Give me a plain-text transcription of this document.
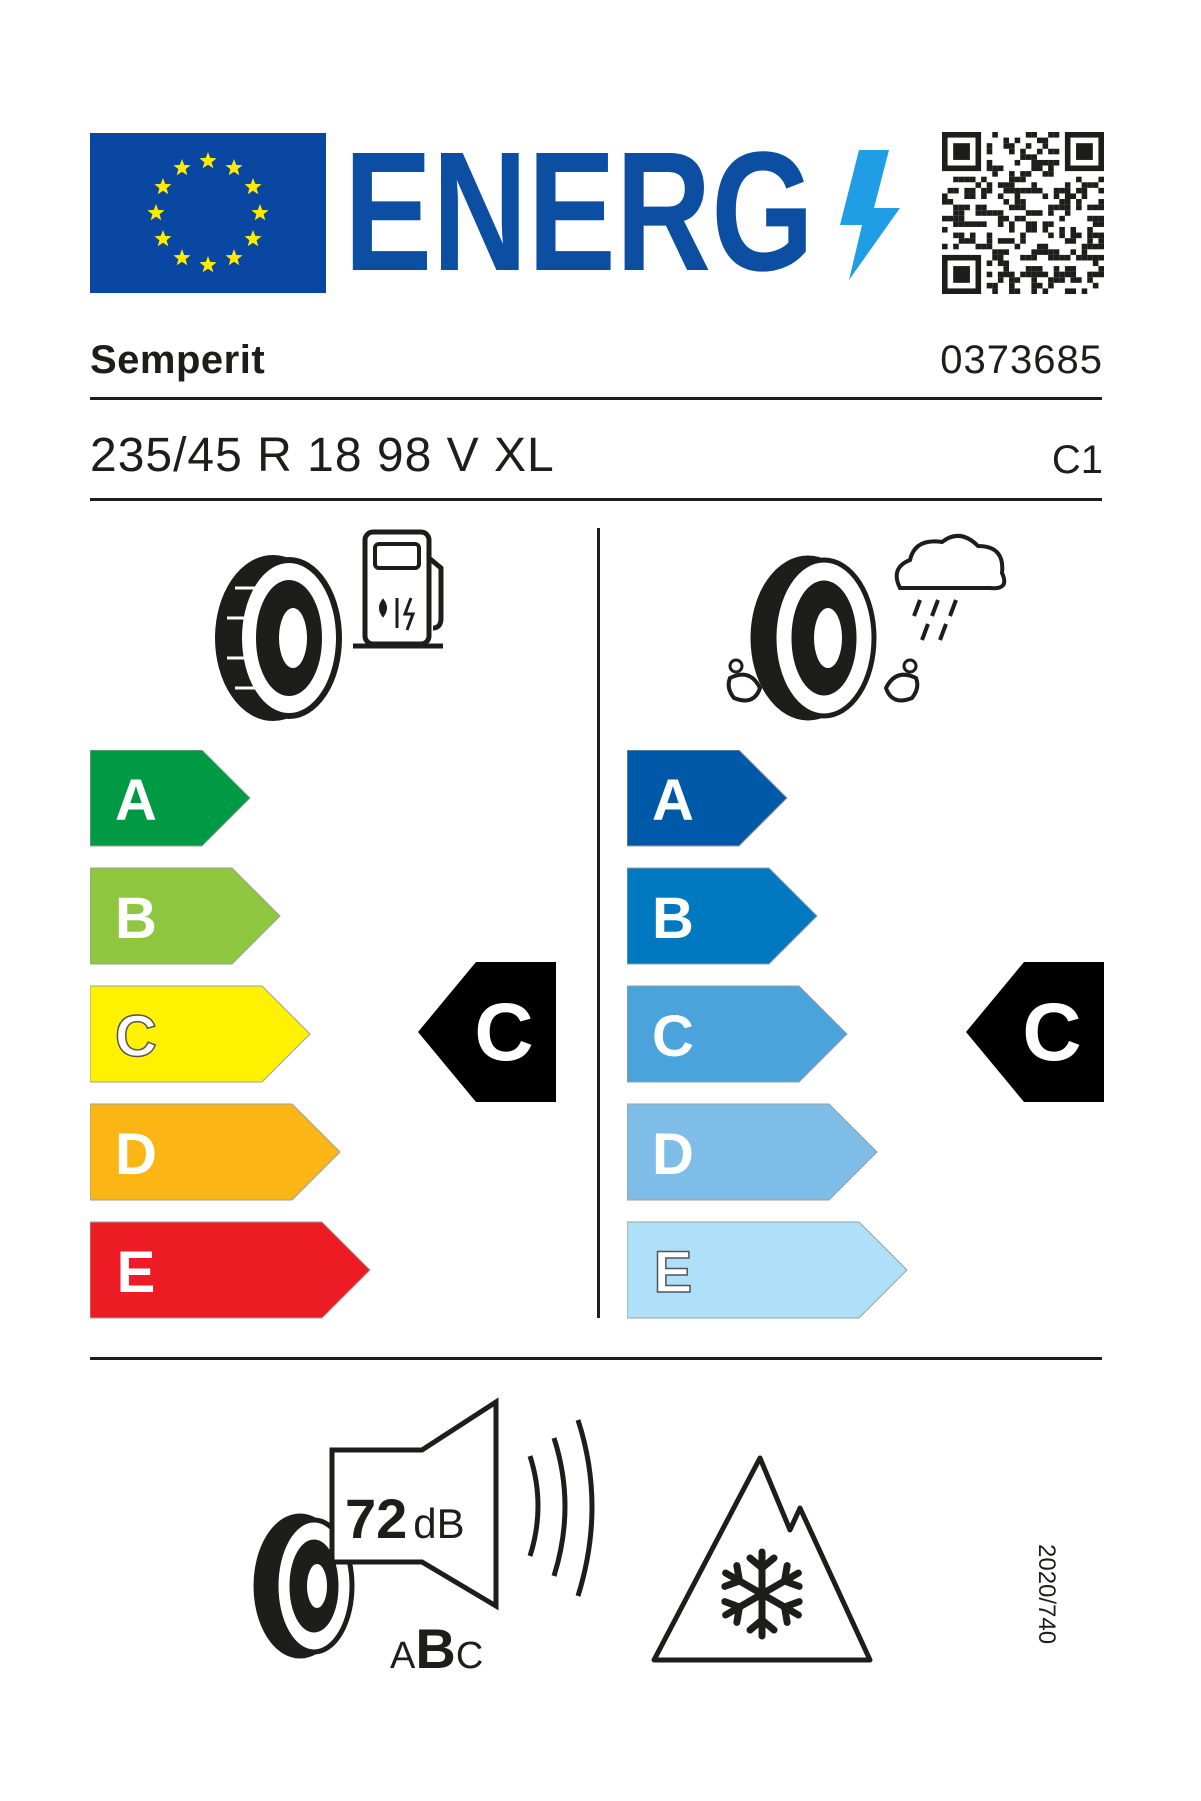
ENERG
Semperit	0373685
235/45 R 18 98 V XL	C1
A
B
C
D
E
C
A
B
C
D
E
C
72 dB
ABC
2020/740
